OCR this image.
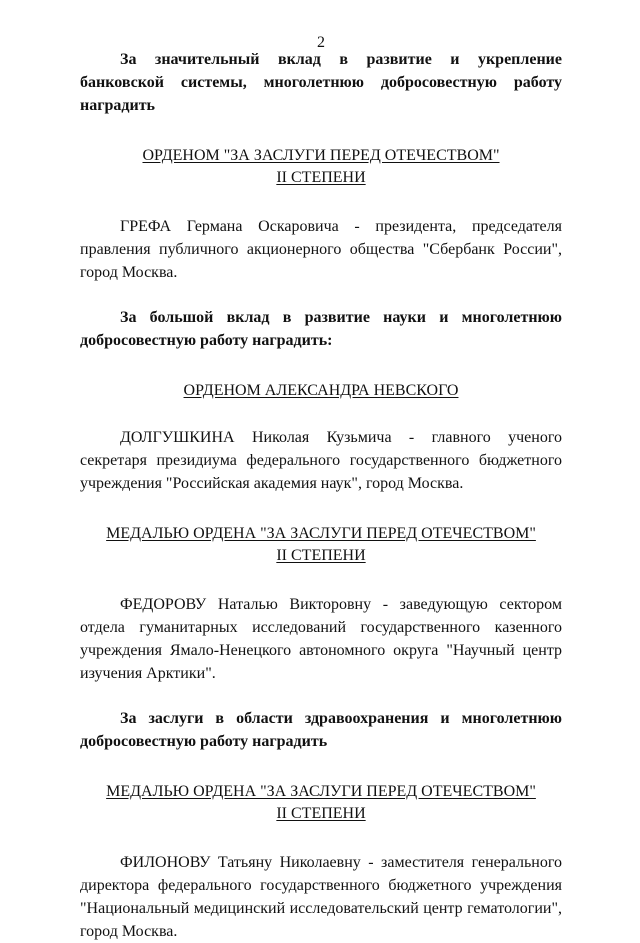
2

За значительный вклад в развитие и укрепление банковской системы, многолетнюю добросовестную работу наградить

ОРДЕНОМ "ЗА ЗАСЛУГИ ПЕРЕД ОТЕЧЕСТВОМ"

II СТЕПЕНИ

ГРЕФА Германа Оскаровича - президента, председателя правления публичного акционерного общества "Сбербанк России", город Москва.

За большой вклад в развитие науки и многолетнюю добросовестную работу наградить:

ОРДЕНОМ АЛЕКСАНДРА НЕВСКОГО

ДОЛГУШКИНА Николая Кузьмича - главного ученого секретаря президиума федерального государственного бюджетного учреждения "Российская академия наук", город Москва.

МЕДАЛЬЮ ОРДЕНА "ЗА ЗАСЛУГИ ПЕРЕД ОТЕЧЕСТВОМ"

II СТЕПЕНИ

ФЕДОРОВУ Наталью Викторовну - заведующую сектором отдела гуманитарных исследований государственного казенного учреждения Ямало-Ненецкого автономного округа "Научный центр изучения Арктики".

За заслуги в области здравоохранения и многолетнюю добросовестную работу наградить

МЕДАЛЬЮ ОРДЕНА "ЗА ЗАСЛУГИ ПЕРЕД ОТЕЧЕСТВОМ"

II СТЕПЕНИ

ФИЛОНОВУ Татьяну Николаевну - заместителя генерального директора федерального государственного бюджетного учреждения "Национальный медицинский исследовательский центр гематологии", город Москва.
